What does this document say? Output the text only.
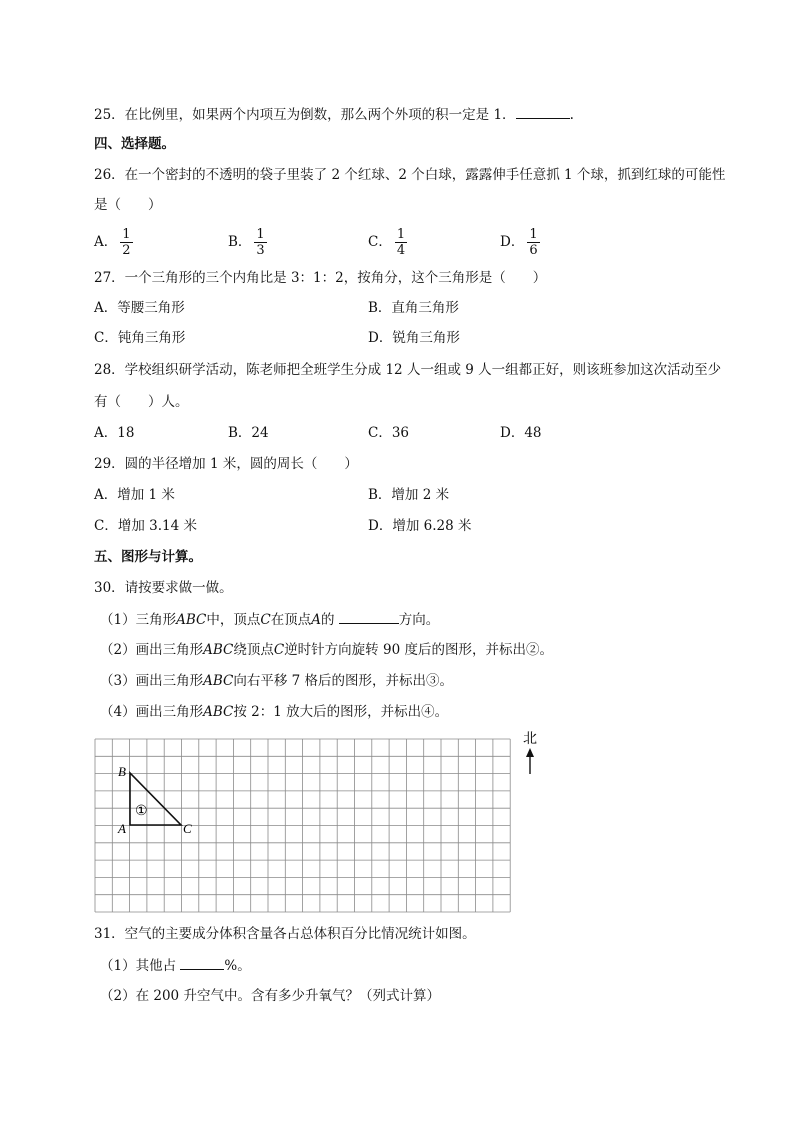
25．在比例里，如果两个内项互为倒数，那么两个外项的积一定是 1．	.
四、选择题。
26．在一个密封的不透明的袋子里装了 2 个红球、2 个白球，露露伸手任意抓 1 个球，抓到红球的可能性
是（　　）
A． $\frac{1}{2}$	B． $\frac{1}{3}$	C． $\frac{1}{4}$	D． $\frac{1}{6}$
27．一个三角形的三个内角比是 3：1：2，按角分，这个三角形是（　　）
A．等腰三角形	B．直角三角形
C．钝角三角形	D．锐角三角形
28．学校组织研学活动，陈老师把全班学生分成 12 人一组或 9 人一组都正好，则该班参加这次活动至少
有（　　）人。
A．18	B．24	C．36	D．48
29．圆的半径增加 1 米，圆的周长（　　）
A．增加 1 米	B．增加 2 米
C．增加 3.14 米	D．增加 6.28 米
五、图形与计算。
30．请按要求做一做。
（1）三角形ABC中，顶点C在顶点A的	方向。
（2）画出三角形ABC绕顶点C逆时针方向旋转 90 度后的图形，并标出②。
（3）画出三角形ABC向右平移 7 格后的图形，并标出③。
（4）画出三角形ABC按 2：1 放大后的图形，并标出④。
①
B
A	C
北
31．空气的主要成分体积含量各占总体积百分比情况统计如图。
（1）其他占	%。
（2）在 200 升空气中。含有多少升氧气？（列式计算）
